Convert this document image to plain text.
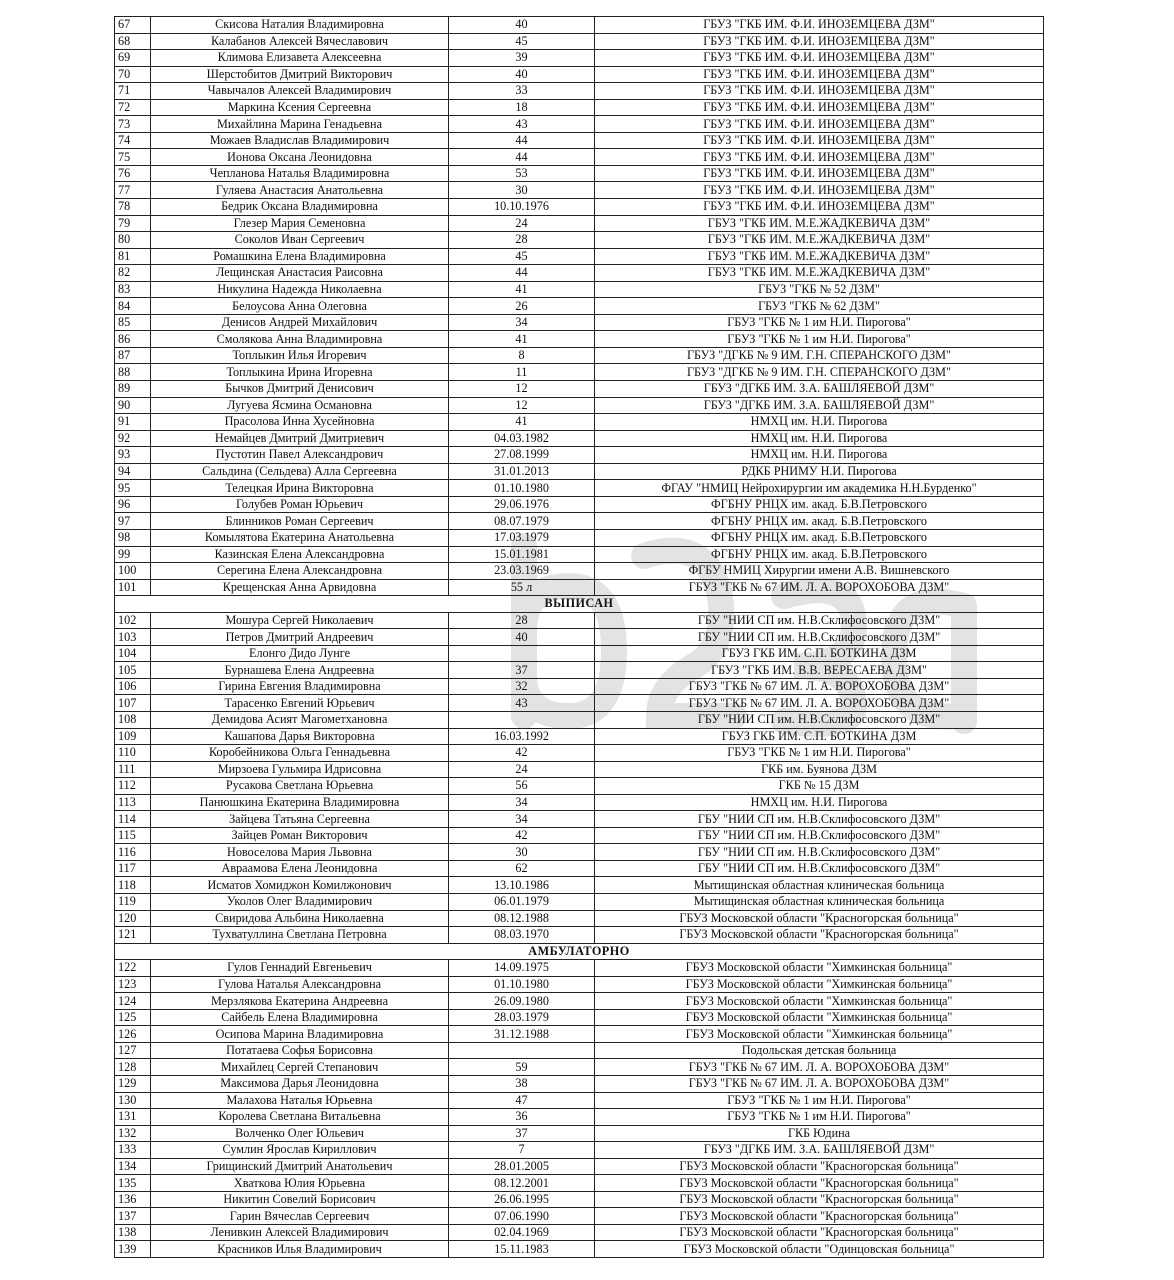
67	Скисова Наталия Владимировна	40	ГБУЗ "ГКБ ИМ. Ф.И. ИНОЗЕМЦЕВА ДЗМ"
68	Калабанов Алексей Вячеславович	45	ГБУЗ "ГКБ ИМ. Ф.И. ИНОЗЕМЦЕВА ДЗМ"
69	Климова Елизавета Алексеевна	39	ГБУЗ "ГКБ ИМ. Ф.И. ИНОЗЕМЦЕВА ДЗМ"
70	Шерстобитов Дмитрий Викторович	40	ГБУЗ "ГКБ ИМ. Ф.И. ИНОЗЕМЦЕВА ДЗМ"
71	Чавычалов Алексей Владимирович	33	ГБУЗ "ГКБ ИМ. Ф.И. ИНОЗЕМЦЕВА ДЗМ"
72	Маркина Ксения Сергеевна	18	ГБУЗ "ГКБ ИМ. Ф.И. ИНОЗЕМЦЕВА ДЗМ"
73	Михайлина Марина Генадьевна	43	ГБУЗ "ГКБ ИМ. Ф.И. ИНОЗЕМЦЕВА ДЗМ"
74	Можаев Владислав Владимирович	44	ГБУЗ "ГКБ ИМ. Ф.И. ИНОЗЕМЦЕВА ДЗМ"
75	Ионова Оксана Леонидовна	44	ГБУЗ "ГКБ ИМ. Ф.И. ИНОЗЕМЦЕВА ДЗМ"
76	Чепланова Наталья Владимировна	53	ГБУЗ "ГКБ ИМ. Ф.И. ИНОЗЕМЦЕВА ДЗМ"
77	Гуляева Анастасия Анатольевна	30	ГБУЗ "ГКБ ИМ. Ф.И. ИНОЗЕМЦЕВА ДЗМ"
78	Бедрик Оксана Владимировна	10.10.1976	ГБУЗ "ГКБ ИМ. Ф.И. ИНОЗЕМЦЕВА ДЗМ"
79	Глезер Мария Семеновна	24	ГБУЗ "ГКБ ИМ. М.Е.ЖАДКЕВИЧА ДЗМ"
80	Соколов Иван Сергеевич	28	ГБУЗ "ГКБ ИМ. М.Е.ЖАДКЕВИЧА ДЗМ"
81	Ромашкина Елена Владимировна	45	ГБУЗ "ГКБ ИМ. М.Е.ЖАДКЕВИЧА ДЗМ"
82	Лещинская Анастасия Раисовна	44	ГБУЗ "ГКБ ИМ. М.Е.ЖАДКЕВИЧА ДЗМ"
83	Никулина Надежда Николаевна	41	ГБУЗ "ГКБ № 52 ДЗМ"
84	Белоусова Анна Олеговна	26	ГБУЗ "ГКБ № 62 ДЗМ"
85	Денисов Андрей Михайлович	34	ГБУЗ "ГКБ № 1 им Н.И. Пирогова"
86	Смолякова Анна Владимировна	41	ГБУЗ "ГКБ № 1 им Н.И. Пирогова"
87	Топлыкин Илья Игоревич	8	ГБУЗ "ДГКБ № 9 ИМ. Г.Н. СПЕРАНСКОГО ДЗМ"
88	Топлыкина Ирина Игоревна	11	ГБУЗ "ДГКБ № 9 ИМ. Г.Н. СПЕРАНСКОГО ДЗМ"
89	Бычков Дмитрий Денисович	12	ГБУЗ "ДГКБ ИМ. З.А. БАШЛЯЕВОЙ ДЗМ"
90	Лугуева Ясмина Османовна	12	ГБУЗ "ДГКБ ИМ. З.А. БАШЛЯЕВОЙ ДЗМ"
91	Прасолова Инна Хусейновна	41	НМХЦ им. Н.И. Пирогова
92	Немайцев Дмитрий Дмитриевич	04.03.1982	НМХЦ им. Н.И. Пирогова
93	Пустотин Павел Александрович	27.08.1999	НМХЦ им. Н.И. Пирогова
94	Сальдина (Сельдева) Алла Сергеевна	31.01.2013	РДКБ РНИМУ Н.И. Пирогова
95	Телецкая Ирина Викторовна	01.10.1980	ФГАУ "НМИЦ Нейрохирургии им академика Н.Н.Бурденко"
96	Голубев Роман Юрьевич	29.06.1976	ФГБНУ РНЦХ им. акад. Б.В.Петровского
97	Блинников Роман Сергеевич	08.07.1979	ФГБНУ РНЦХ им. акад. Б.В.Петровского
98	Комылятова Екатерина Анатольевна	17.03.1979	ФГБНУ РНЦХ им. акад. Б.В.Петровского
99	Казинская Елена Александровна	15.01.1981	ФГБНУ РНЦХ им. акад. Б.В.Петровского
100	Серегина Елена Александровна	23.03.1969	ФГБУ НМИЦ Хирургии имени А.В. Вишневского
101	Крещенская Анна Арвидовна	55 л	ГБУЗ "ГКБ № 67 ИМ. Л. А. ВОРОХОБОВА ДЗМ"
ВЫПИСАН			
102	Мошура Сергей Николаевич	28	ГБУ "НИИ СП им. Н.В.Склифосовского ДЗМ"
103	Петров Дмитрий Андреевич	40	ГБУ "НИИ СП им. Н.В.Склифосовского ДЗМ"
104	Елонго Дидо Лунге		ГБУЗ ГКБ ИМ. С.П. БОТКИНА ДЗМ
105	Бурнашева Елена Андреевна	37	ГБУЗ "ГКБ ИМ. В.В. ВЕРЕСАЕВА ДЗМ"
106	Гирина Евгения Владимировна	32	ГБУЗ "ГКБ № 67 ИМ. Л. А. ВОРОХОБОВА ДЗМ"
107	Тарасенко Евгений Юрьевич	43	ГБУЗ "ГКБ № 67 ИМ. Л. А. ВОРОХОБОВА ДЗМ"
108	Демидова Асият Магометхановна		ГБУ "НИИ СП им. Н.В.Склифосовского ДЗМ"
109	Кашапова Дарья Викторовна	16.03.1992	ГБУЗ ГКБ ИМ. С.П. БОТКИНА ДЗМ
110	Коробейникова Ольга Геннадьевна	42	ГБУЗ "ГКБ № 1 им Н.И. Пирогова"
111	Мирзоева Гульмира Идрисовна	24	ГКБ им. Буянова ДЗМ
112	Русакова Светлана Юрьевна	56	ГКБ № 15 ДЗМ
113	Панюшкина Екатерина Владимировна	34	НМХЦ им. Н.И. Пирогова
114	Зайцева Татьяна Сергеевна	34	ГБУ "НИИ СП им. Н.В.Склифосовского ДЗМ"
115	Зайцев Роман Викторович	42	ГБУ "НИИ СП им. Н.В.Склифосовского ДЗМ"
116	Новоселова Мария Львовна	30	ГБУ "НИИ СП им. Н.В.Склифосовского ДЗМ"
117	Авраамова Елена Леонидовна	62	ГБУ "НИИ СП им. Н.В.Склифосовского ДЗМ"
118	Исматов Хомиджон Комилжонович	13.10.1986	Мытищинская областная клиническая больница
119	Уколов Олег Владимирович	06.01.1979	Мытищинская областная клиническая больница
120	Свиридова Альбина Николаевна	08.12.1988	ГБУЗ Московской области "Красногорская больница"
121	Тухватуллина Светлана Петровна	08.03.1970	ГБУЗ Московской области "Красногорская больница"
АМБУЛАТОРНО			
122	Гулов Геннадий Евгеньевич	14.09.1975	ГБУЗ Московской области "Химкинская больница"
123	Гулова Наталья Александровна	01.10.1980	ГБУЗ Московской области "Химкинская больница"
124	Мерзлякова Екатерина Андреевна	26.09.1980	ГБУЗ Московской области "Химкинская больница"
125	Сайбель Елена Владимировна	28.03.1979	ГБУЗ Московской области "Химкинская больница"
126	Осипова Марина Владимировна	31.12.1988	ГБУЗ Московской области "Химкинская больница"
127	Потатаева Софья Борисовна		Подольская детская больница
128	Михайлец Сергей Степанович	59	ГБУЗ "ГКБ № 67 ИМ. Л. А. ВОРОХОБОВА ДЗМ"
129	Максимова Дарья Леонидовна	38	ГБУЗ "ГКБ № 67 ИМ. Л. А. ВОРОХОБОВА ДЗМ"
130	Малахова Наталья Юрьевна	47	ГБУЗ "ГКБ № 1 им Н.И. Пирогова"
131	Королева Светлана Витальевна	36	ГБУЗ "ГКБ № 1 им Н.И. Пирогова"
132	Волченко Олег Юльевич	37	ГКБ Юдина
133	Сумлин Ярослав Кириллович	7	ГБУЗ "ДГКБ ИМ. З.А. БАШЛЯЕВОЙ ДЗМ"
134	Грищинский Дмитрий Анатольевич	28.01.2005	ГБУЗ Московской области "Красногорская больница"
135	Хваткова Юлия Юрьевна	08.12.2001	ГБУЗ Московской области "Красногорская больница"
136	Никитин Совелий Борисович	26.06.1995	ГБУЗ Московской области "Красногорская больница"
137	Гарин Вячеслав Сергеевич	07.06.1990	ГБУЗ Московской области "Красногорская больница"
138	Ленивкин Алексей Владимирович	02.04.1969	ГБУЗ Московской области "Красногорская больница"
139	Красников Илья Владимирович	15.11.1983	ГБУЗ Московской области "Одинцовская больница"
